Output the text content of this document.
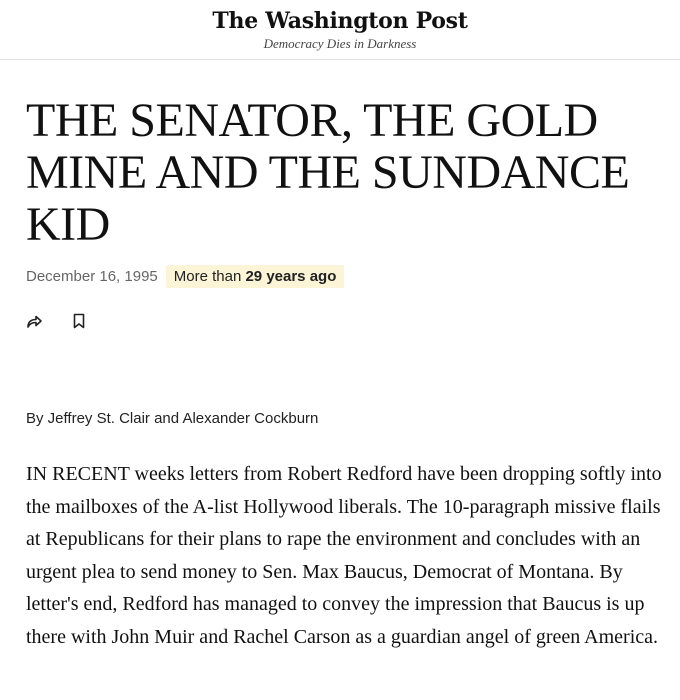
The Washington Post
Democracy Dies in Darkness
THE SENATOR, THE GOLD MINE AND THE SUNDANCE KID
December 16, 1995	More than 29 years ago
By Jeffrey St. Clair and Alexander Cockburn

IN RECENT weeks letters from Robert Redford have been dropping softly into the mailboxes of the A-list Hollywood liberals. The 10-paragraph missive flails at Republicans for their plans to rape the environment and concludes with an urgent plea to send money to Sen. Max Baucus, Democrat of Montana. By letter's end, Redford has managed to convey the impression that Baucus is up there with John Muir and Rachel Carson as a guardian angel of green America.
